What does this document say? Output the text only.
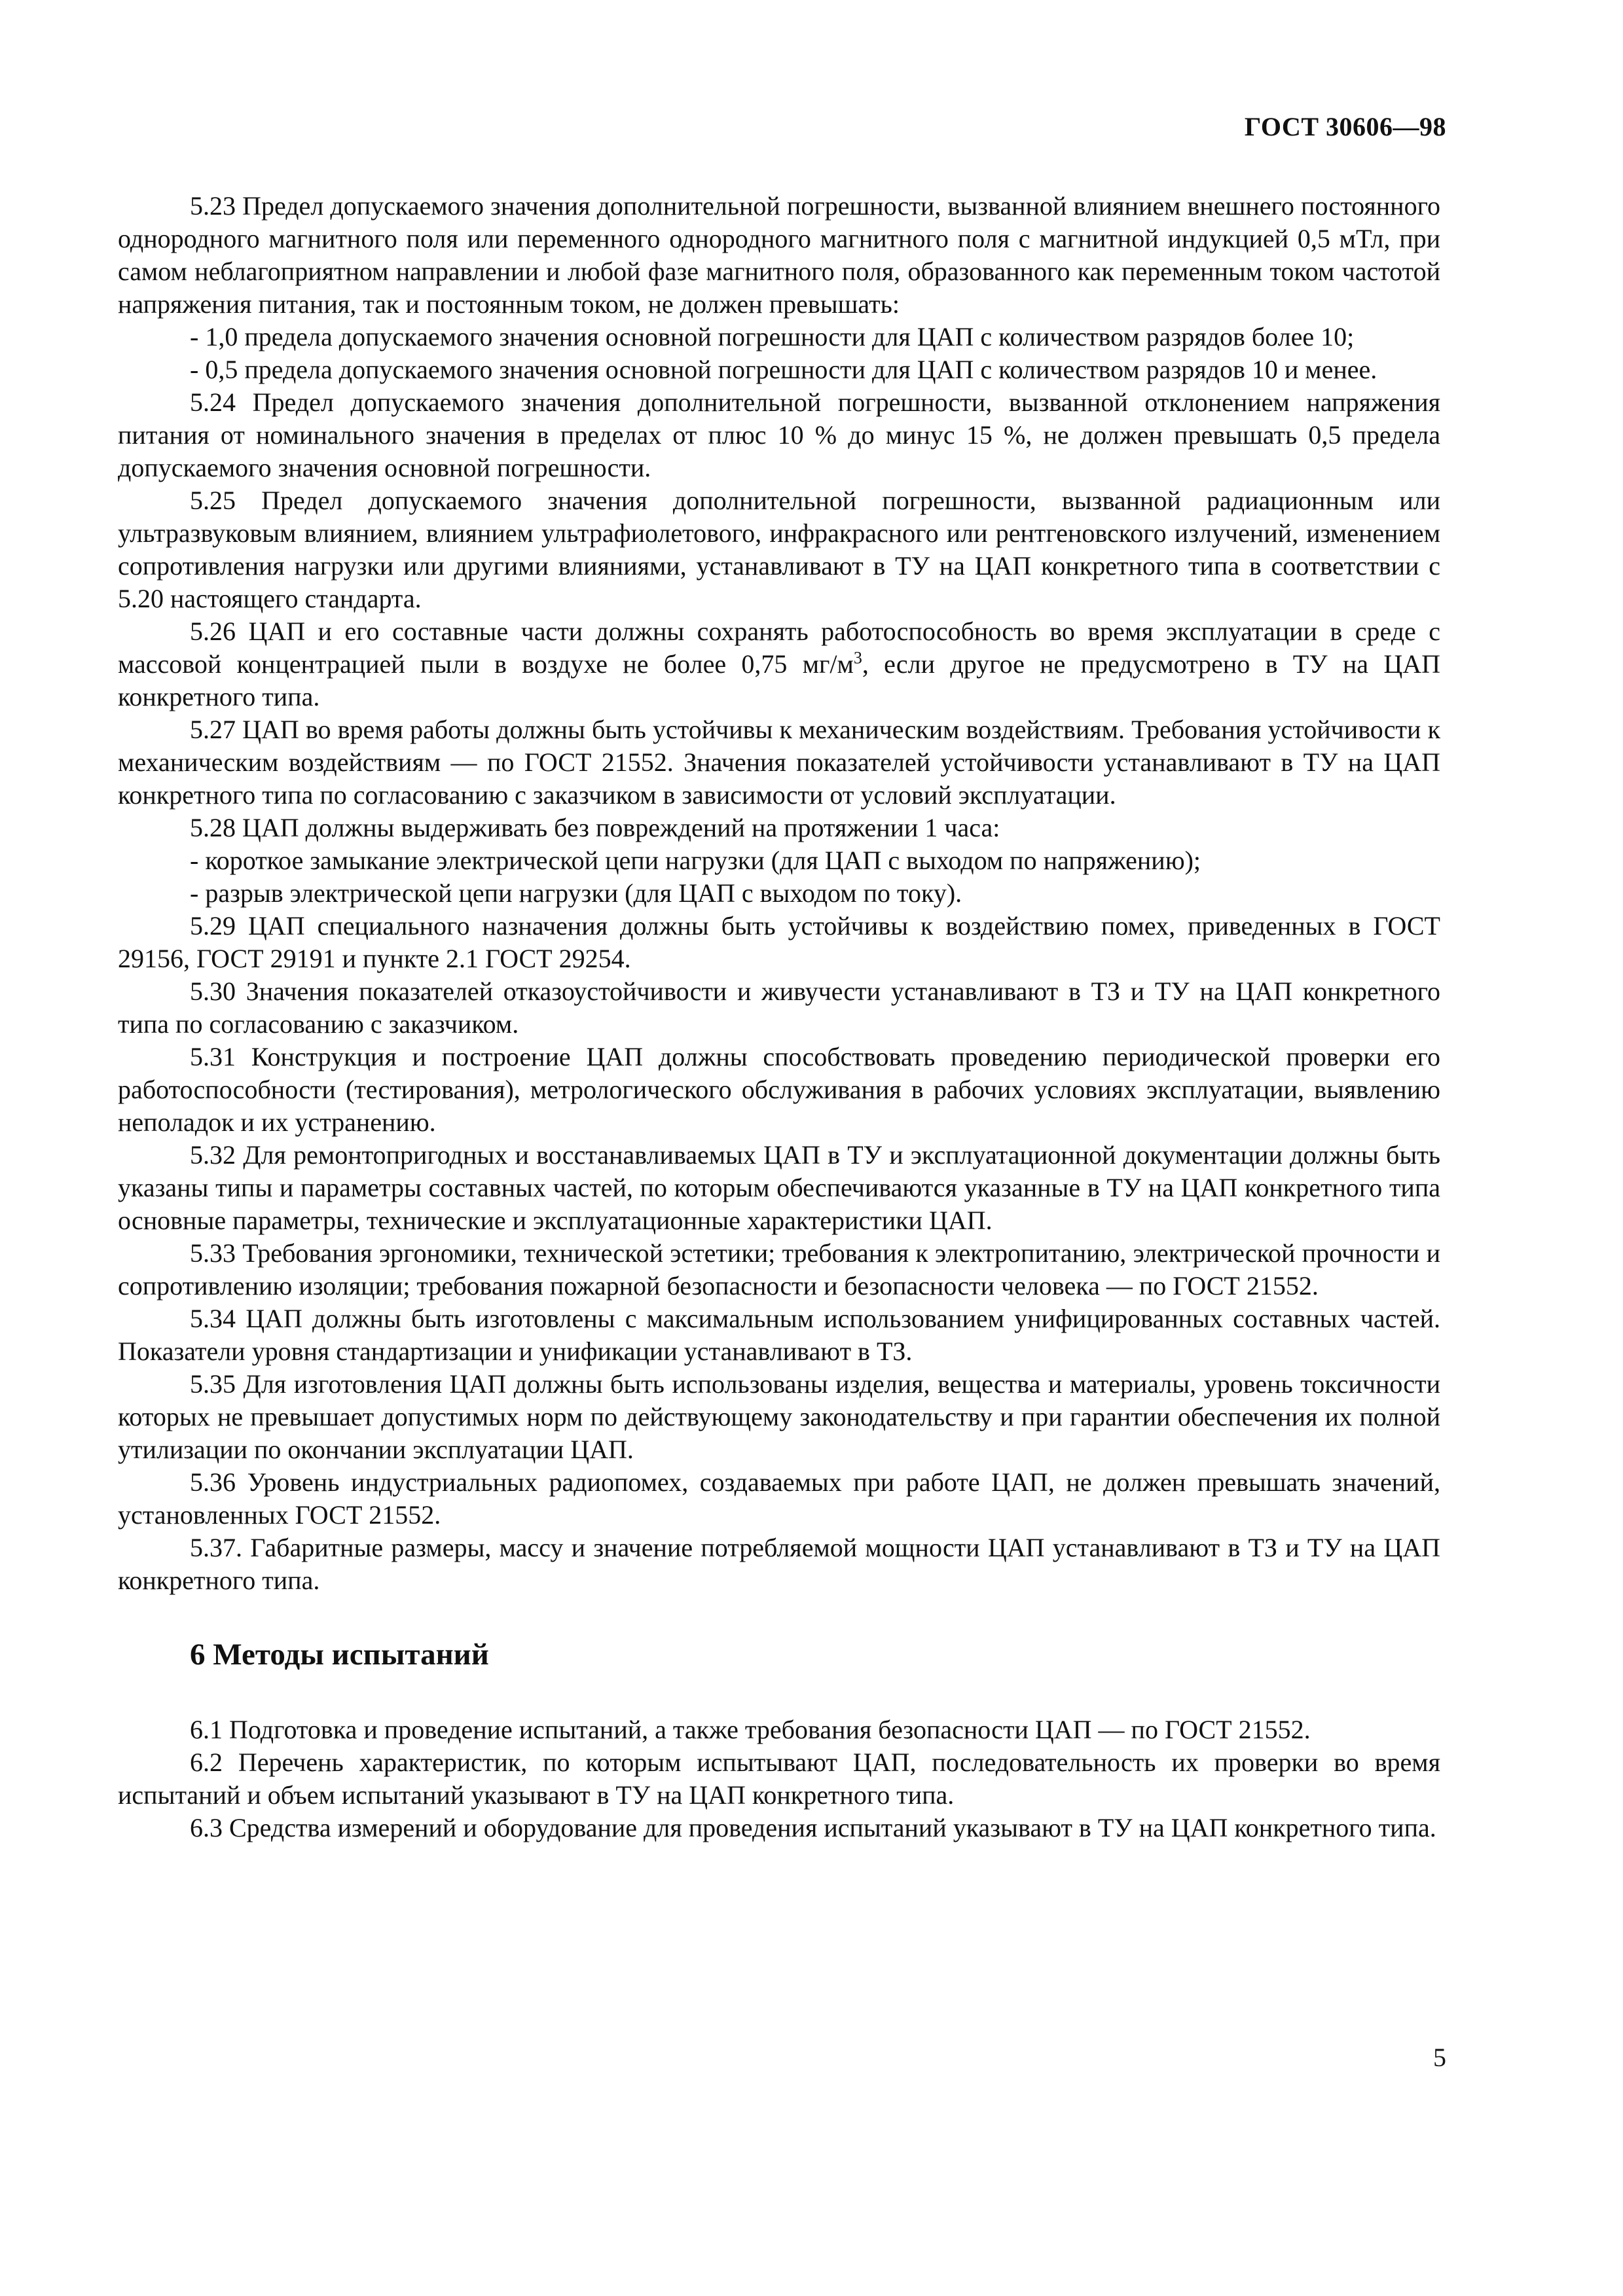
ГОСТ 30606—98

5.23 Предел допускаемого значения дополнительной погрешности, вызванной влиянием внешнего постоянного однородного магнитного поля или переменного однородного магнитного поля с магнитной индукцией 0,5 мТл, при самом неблагоприятном направлении и любой фазе магнитного поля, образованного как переменным током частотой напряжения питания, так и постоянным током, не должен превышать:

- 1,0 предела допускаемого значения основной погрешности для ЦАП с количеством разрядов более 10;

- 0,5 предела допускаемого значения основной погрешности для ЦАП с количеством разрядов 10 и менее.

5.24 Предел допускаемого значения дополнительной погрешности, вызванной отклонением напряжения питания от номинального значения в пределах от плюс 10 % до минус 15 %, не должен превышать 0,5 предела допускаемого значения основной погрешности.

5.25 Предел допускаемого значения дополнительной погрешности, вызванной радиационным или ультразвуковым влиянием, влиянием ультрафиолетового, инфракрасного или рентгеновского излучений, изменением сопротивления нагрузки или другими влияниями, устанавливают в ТУ на ЦАП конкретного типа в соответствии с 5.20 настоящего стандарта.

5.26 ЦАП и его составные части должны сохранять работоспособность во время эксплуатации в среде с массовой концентрацией пыли в воздухе не более 0,75 $мг/м^3$, если другое не предусмотрено в ТУ на ЦАП конкретного типа.

5.27 ЦАП во время работы должны быть устойчивы к механическим воздействиям. Требования устойчивости к механическим воздействиям — по ГОСТ 21552. Значения показателей устойчивости устанавливают в ТУ на ЦАП конкретного типа по согласованию с заказчиком в зависимости от условий эксплуатации.

5.28 ЦАП должны выдерживать без повреждений на протяжении 1 часа:

- короткое замыкание электрической цепи нагрузки (для ЦАП с выходом по напряжению);

- разрыв электрической цепи нагрузки (для ЦАП с выходом по току).

5.29 ЦАП специального назначения должны быть устойчивы к воздействию помех, приведенных в ГОСТ 29156, ГОСТ 29191 и пункте 2.1 ГОСТ 29254.

5.30 Значения показателей отказоустойчивости и живучести устанавливают в ТЗ и ТУ на ЦАП конкретного типа по согласованию с заказчиком.

5.31 Конструкция и построение ЦАП должны способствовать проведению периодической проверки его работоспособности (тестирования), метрологического обслуживания в рабочих условиях эксплуатации, выявлению неполадок и их устранению.

5.32 Для ремонтопригодных и восстанавливаемых ЦАП в ТУ и эксплуатационной документации должны быть указаны типы и параметры составных частей, по которым обеспечиваются указанные в ТУ на ЦАП конкретного типа основные параметры, технические и эксплуатационные характеристики ЦАП.

5.33 Требования эргономики, технической эстетики; требования к электропитанию, электрической прочности и сопротивлению изоляции; требования пожарной безопасности и безопасности человека — по ГОСТ 21552.

5.34 ЦАП должны быть изготовлены с максимальным использованием унифицированных составных частей. Показатели уровня стандартизации и унификации устанавливают в ТЗ.

5.35 Для изготовления ЦАП должны быть использованы изделия, вещества и материалы, уровень токсичности которых не превышает допустимых норм по действующему законодательству и при гарантии обеспечения их полной утилизации по окончании эксплуатации ЦАП.

5.36 Уровень индустриальных радиопомех, создаваемых при работе ЦАП, не должен превышать значений, установленных ГОСТ 21552.

5.37. Габаритные размеры, массу и значение потребляемой мощности ЦАП устанавливают в ТЗ и ТУ на ЦАП конкретного типа.

6 Методы испытаний

6.1 Подготовка и проведение испытаний, а также требования безопасности ЦАП — по ГОСТ 21552.

6.2 Перечень характеристик, по которым испытывают ЦАП, последовательность их проверки во время испытаний и объем испытаний указывают в ТУ на ЦАП конкретного типа.

6.3 Средства измерений и оборудование для проведения испытаний указывают в ТУ на ЦАП конкретного типа.

5
